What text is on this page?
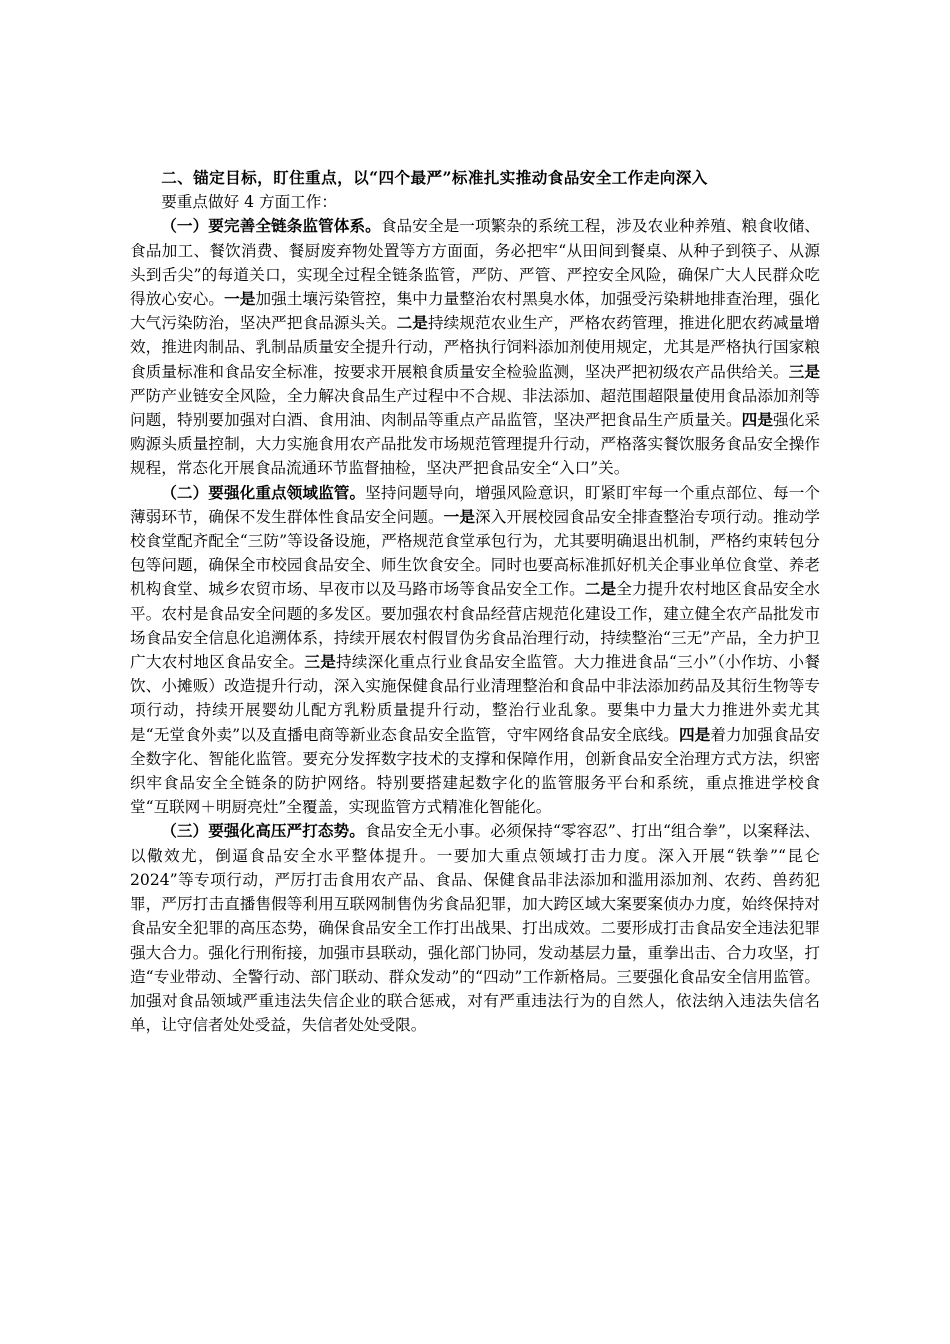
二、锚定目标，盯住重点，以“四个最严”标准扎实推动食品安全工作走向深入

要重点做好 4 方面工作：

（一）要完善全链条监管体系。食品安全是一项繁杂的系统工程，涉及农业种养殖、粮食收储、食品加工、餐饮消费、餐厨废弃物处置等方方面面，务必把牢“从田间到餐桌、从种子到筷子、从源头到舌尖”的每道关口，实现全过程全链条监管，严防、严管、严控安全风险，确保广大人民群众吃得放心安心。一是加强土壤污染管控，集中力量整治农村黑臭水体，加强受污染耕地排查治理，强化大气污染防治，坚决严把食品源头关。二是持续规范农业生产，严格农药管理，推进化肥农药减量增效，推进肉制品、乳制品质量安全提升行动，严格执行饲料添加剂使用规定，尤其是严格执行国家粮食质量标准和食品安全标准，按要求开展粮食质量安全检验监测，坚决严把初级农产品供给关。三是严防产业链安全风险，全力解决食品生产过程中不合规、非法添加、超范围超限量使用食品添加剂等问题，特别要加强对白酒、食用油、肉制品等重点产品监管，坚决严把食品生产质量关。四是强化采购源头质量控制，大力实施食用农产品批发市场规范管理提升行动，严格落实餐饮服务食品安全操作规程，常态化开展食品流通环节监督抽检，坚决严把食品安全“入口”关。

（二）要强化重点领域监管。坚持问题导向，增强风险意识，盯紧盯牢每一个重点部位、每一个薄弱环节，确保不发生群体性食品安全问题。一是深入开展校园食品安全排查整治专项行动。推动学校食堂配齐配全“三防”等设备设施，严格规范食堂承包行为，尤其要明确退出机制，严格约束转包分包等问题，确保全市校园食品安全、师生饮食安全。同时也要高标准抓好机关企事业单位食堂、养老机构食堂、城乡农贸市场、早夜市以及马路市场等食品安全工作。二是全力提升农村地区食品安全水平。农村是食品安全问题的多发区。要加强农村食品经营店规范化建设工作，建立健全农产品批发市场食品安全信息化追溯体系，持续开展农村假冒伪劣食品治理行动，持续整治“三无”产品，全力护卫广大农村地区食品安全。三是持续深化重点行业食品安全监管。大力推进食品“三小”（小作坊、小餐饮、小摊贩）改造提升行动，深入实施保健食品行业清理整治和食品中非法添加药品及其衍生物等专项行动，持续开展婴幼儿配方乳粉质量提升行动，整治行业乱象。要集中力量大力推进外卖尤其是“无堂食外卖”以及直播电商等新业态食品安全监管，守牢网络食品安全底线。四是着力加强食品安全数字化、智能化监管。要充分发挥数字技术的支撑和保障作用，创新食品安全治理方式方法，织密织牢食品安全全链条的防护网络。特别要搭建起数字化的监管服务平台和系统，重点推进学校食堂“互联网＋明厨亮灶”全覆盖，实现监管方式精准化智能化。

（三）要强化高压严打态势。食品安全无小事。必须保持“零容忍”、打出“组合拳”，以案释法、以儆效尤，倒逼食品安全水平整体提升。一要加大重点领域打击力度。深入开展“铁拳”“昆仑 2024”等专项行动，严厉打击食用农产品、食品、保健食品非法添加和滥用添加剂、农药、兽药犯罪，严厉打击直播售假等利用互联网制售伪劣食品犯罪，加大跨区域大案要案侦办力度，始终保持对食品安全犯罪的高压态势，确保食品安全工作打出战果、打出成效。二要形成打击食品安全违法犯罪强大合力。强化行刑衔接，加强市县联动，强化部门协同，发动基层力量，重拳出击、合力攻坚，打造“专业带动、全警行动、部门联动、群众发动”的“四动”工作新格局。三要强化食品安全信用监管。加强对食品领域严重违法失信企业的联合惩戒，对有严重违法行为的自然人，依法纳入违法失信名单，让守信者处处受益，失信者处处受限。
